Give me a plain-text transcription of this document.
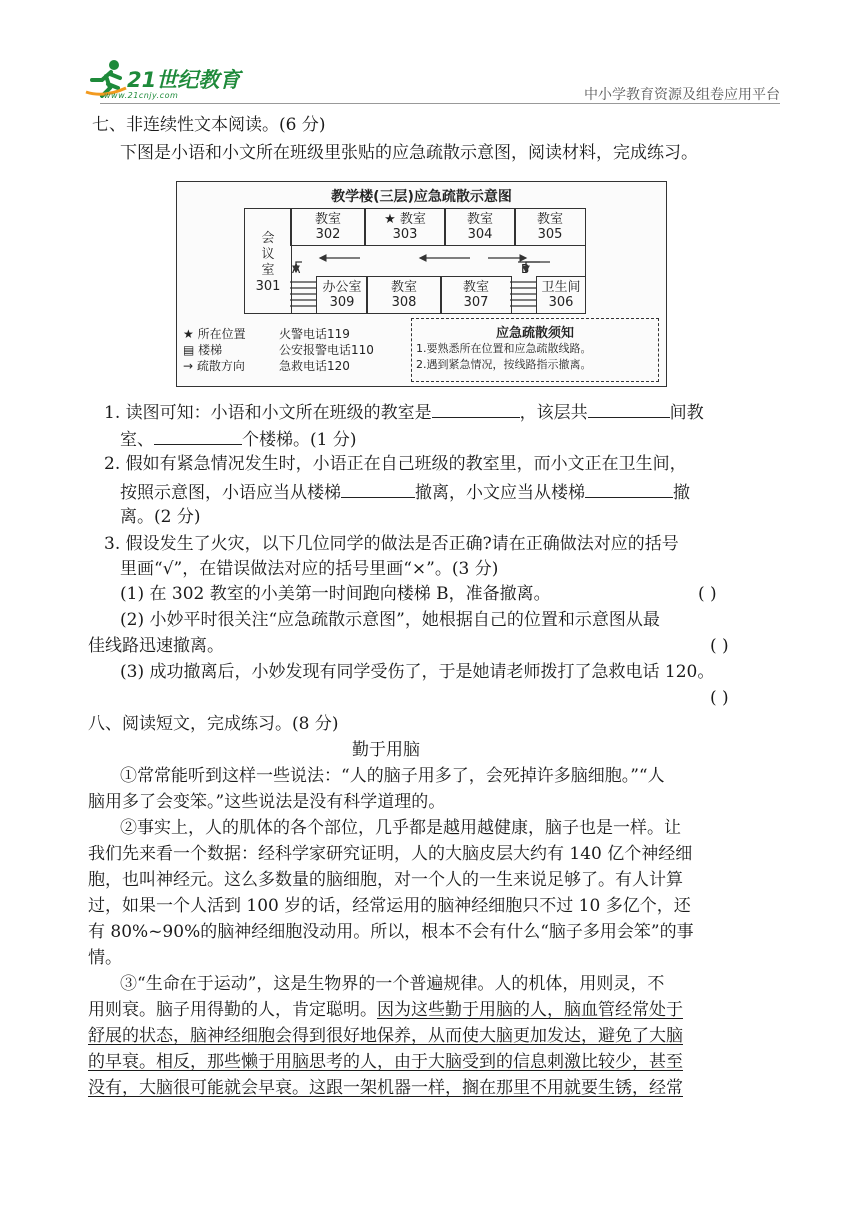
21世纪教育
www.21cnjy.com	中小学教育资源及组卷应用平台
七、非连续性文本阅读。(6 分)
下图是小语和小文所在班级里张贴的应急疏散示意图，阅读材料，完成练习。
教学楼(三层)应急疏散示意图
教室
302
★ 教室
303
教室
304
教室
305
会
议
室
301
A
办公室
309
教室
308
教室
307
B
卫生间
306
★ 所在位置
▤ 楼梯
→ 疏散方向
火警电话119
公安报警电话110
急救电话120
应急疏散须知
1.要熟悉所在位置和应急疏散线路。
2.遇到紧急情况，按线路指示撤离。
1. 读图可知：小语和小文所在班级的教室是	，该层共	间教
室、	个楼梯。(1 分)
2. 假如有紧急情况发生时，小语正在自己班级的教室里，而小文正在卫生间，
按照示意图，小语应当从楼梯	撤离，小文应当从楼梯	撤
离。(2 分)
3. 假设发生了火灾，以下几位同学的做法是否正确?请在正确做法对应的括号
里画“√”，在错误做法对应的括号里画“×”。(3 分)
(1) 在 302 教室的小美第一时间跑向楼梯 B，准备撤离。	( )
(2) 小妙平时很关注“应急疏散示意图”，她根据自己的位置和示意图从最
佳线路迅速撤离。	( )
(3) 成功撤离后，小妙发现有同学受伤了，于是她请老师拨打了急救电话 120。
( )
八、阅读短文，完成练习。(8 分)
勤于用脑
①常常能听到这样一些说法：“人的脑子用多了，会死掉许多脑细胞。”“人
脑用多了会变笨。”这些说法是没有科学道理的。
②事实上，人的肌体的各个部位，几乎都是越用越健康，脑子也是一样。让
我们先来看一个数据：经科学家研究证明，人的大脑皮层大约有 140 亿个神经细
胞，也叫神经元。这么多数量的脑细胞，对一个人的一生来说足够了。有人计算
过，如果一个人活到 100 岁的话，经常运用的脑神经细胞只不过 10 多亿个，还
有 80%~90%的脑神经细胞没动用。所以，根本不会有什么“脑子多用会笨”的事
情。
③“生命在于运动”，这是生物界的一个普遍规律。人的机体，用则灵，不
用则衰。脑子用得勤的人，肯定聪明。因为这些勤于用脑的人，脑血管经常处于
舒展的状态，脑神经细胞会得到很好地保养，从而使大脑更加发达，避免了大脑
的早衰。相反，那些懒于用脑思考的人，由于大脑受到的信息刺激比较少，甚至
没有，大脑很可能就会早衰。这跟一架机器一样，搁在那里不用就要生锈，经常
